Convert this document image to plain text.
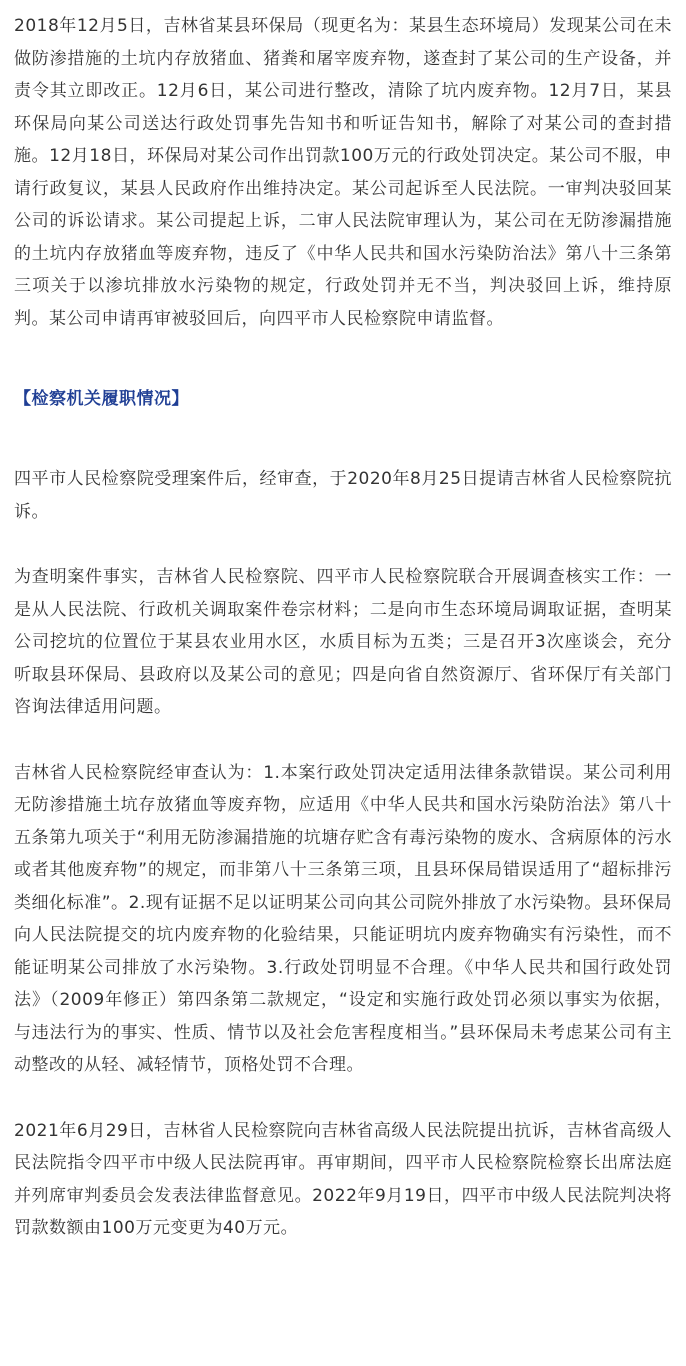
2018年12月5日，吉林省某县环保局（现更名为：某县生态环境局）发现某公司在未做防渗措施的土坑内存放猪血、猪粪和屠宰废弃物，遂查封了某公司的生产设备，并责令其立即改正。12月6日，某公司进行整改，清除了坑内废弃物。12月7日，某县环保局向某公司送达行政处罚事先告知书和听证告知书，解除了对某公司的查封措施。12月18日，环保局对某公司作出罚款100万元的行政处罚决定。某公司不服，申请行政复议，某县人民政府作出维持决定。某公司起诉至人民法院。一审判决驳回某公司的诉讼请求。某公司提起上诉，二审人民法院审理认为，某公司在无防渗漏措施的土坑内存放猪血等废弃物，违反了《中华人民共和国水污染防治法》第八十三条第三项关于以渗坑排放水污染物的规定，行政处罚并无不当，判决驳回上诉，维持原判。某公司申请再审被驳回后，向四平市人民检察院申请监督。

【检察机关履职情况】

四平市人民检察院受理案件后，经审查，于2020年8月25日提请吉林省人民检察院抗诉。

为查明案件事实，吉林省人民检察院、四平市人民检察院联合开展调查核实工作：一是从人民法院、行政机关调取案件卷宗材料；二是向市生态环境局调取证据，查明某公司挖坑的位置位于某县农业用水区，水质目标为五类；三是召开3次座谈会，充分听取县环保局、县政府以及某公司的意见；四是向省自然资源厅、省环保厅有关部门咨询法律适用问题。

吉林省人民检察院经审查认为：1.本案行政处罚决定适用法律条款错误。某公司利用无防渗措施土坑存放猪血等废弃物，应适用《中华人民共和国水污染防治法》第八十五条第九项关于“利用无防渗漏措施的坑塘存贮含有毒污染物的废水、含病原体的污水或者其他废弃物”的规定，而非第八十三条第三项，且县环保局错误适用了“超标排污类细化标准”。2.现有证据不足以证明某公司向其公司院外排放了水污染物。县环保局向人民法院提交的坑内废弃物的化验结果，只能证明坑内废弃物确实有污染性，而不能证明某公司排放了水污染物。3.行政处罚明显不合理。《中华人民共和国行政处罚法》（2009年修正）第四条第二款规定，“设定和实施行政处罚必须以事实为依据，与违法行为的事实、性质、情节以及社会危害程度相当。”县环保局未考虑某公司有主动整改的从轻、减轻情节，顶格处罚不合理。

2021年6月29日，吉林省人民检察院向吉林省高级人民法院提出抗诉，吉林省高级人民法院指令四平市中级人民法院再审。再审期间，四平市人民检察院检察长出席法庭并列席审判委员会发表法律监督意见。2022年9月19日，四平市中级人民法院判决将罚款数额由100万元变更为40万元。
